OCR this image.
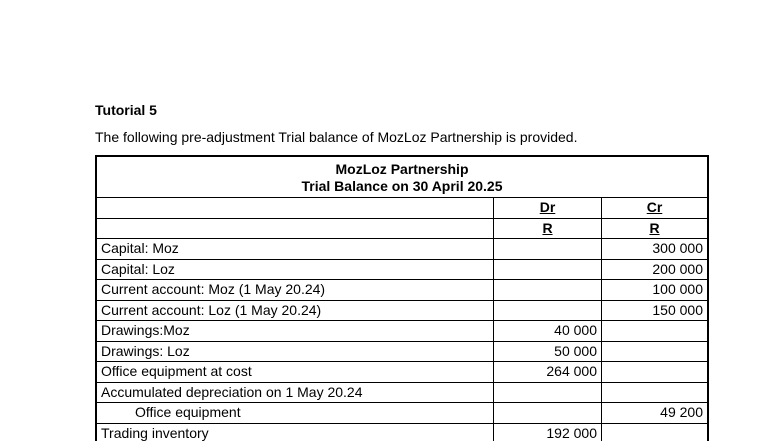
Tutorial 5
The following pre-adjustment Trial balance of MozLoz Partnership is provided.
MozLoz Partnership
Trial Balance on 30 April 20.25		

	Dr	Cr
	R	R
Capital: Moz		300 000
Capital: Loz		200 000
Current account: Moz (1 May 20.24)		100 000
Current account: Loz (1 May 20.24)		150 000
Drawings:Moz	40 000	
Drawings: Loz	50 000	
Office equipment at cost	264 000	
Accumulated depreciation on 1 May 20.24		
Office equipment		49 200
Trading inventory	192 000	
